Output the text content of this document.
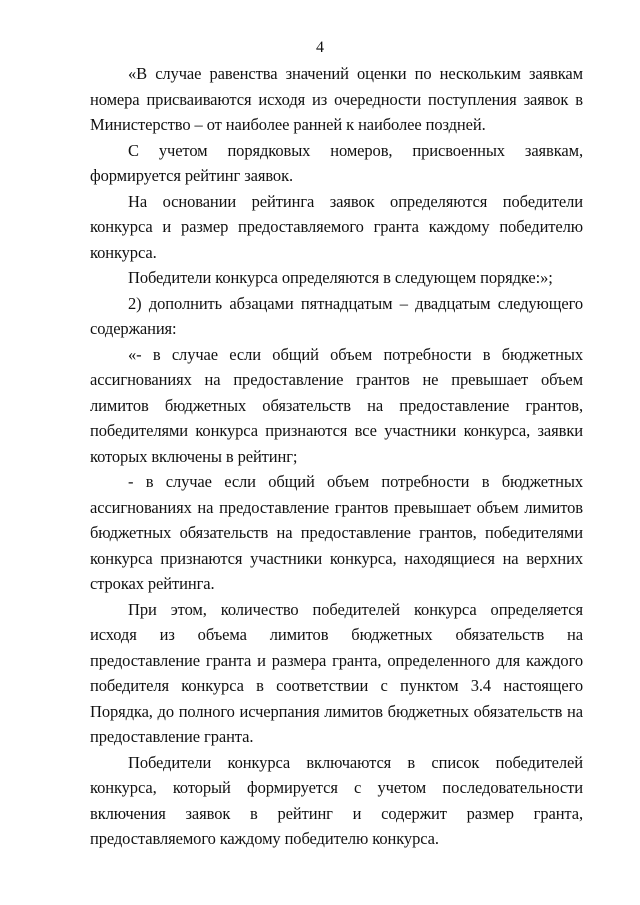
4

«В случае равенства значений оценки по нескольким заявкам номера присваиваются исходя из очередности поступления заявок в Министерство – от наиболее ранней к наиболее поздней.

С учетом порядковых номеров, присвоенных заявкам, формируется рейтинг заявок.

На основании рейтинга заявок определяются победители конкурса и размер предоставляемого гранта каждому победителю конкурса.

Победители конкурса определяются в следующем порядке:»;

2) дополнить абзацами пятнадцатым – двадцатым следующего содержания:

«- в случае если общий объем потребности в бюджетных ассигнованиях на предоставление грантов не превышает объем лимитов бюджетных обязательств на предоставление грантов, победителями конкурса признаются все участники конкурса, заявки которых включены в рейтинг;

- в случае если общий объем потребности в бюджетных ассигнованиях на предоставление грантов превышает объем лимитов бюджетных обязательств на предоставление грантов, победителями конкурса признаются участники конкурса, находящиеся на верхних строках рейтинга.

При этом, количество победителей конкурса определяется исходя из объема лимитов бюджетных обязательств на предоставление гранта и размера гранта, определенного для каждого победителя конкурса в соответствии с пунктом 3.4 настоящего Порядка, до полного исчерпания лимитов бюджетных обязательств на предоставление гранта.

Победители конкурса включаются в список победителей конкурса, который формируется с учетом последовательности включения заявок в рейтинг и содержит размер гранта, предоставляемого каждому победителю конкурса.
